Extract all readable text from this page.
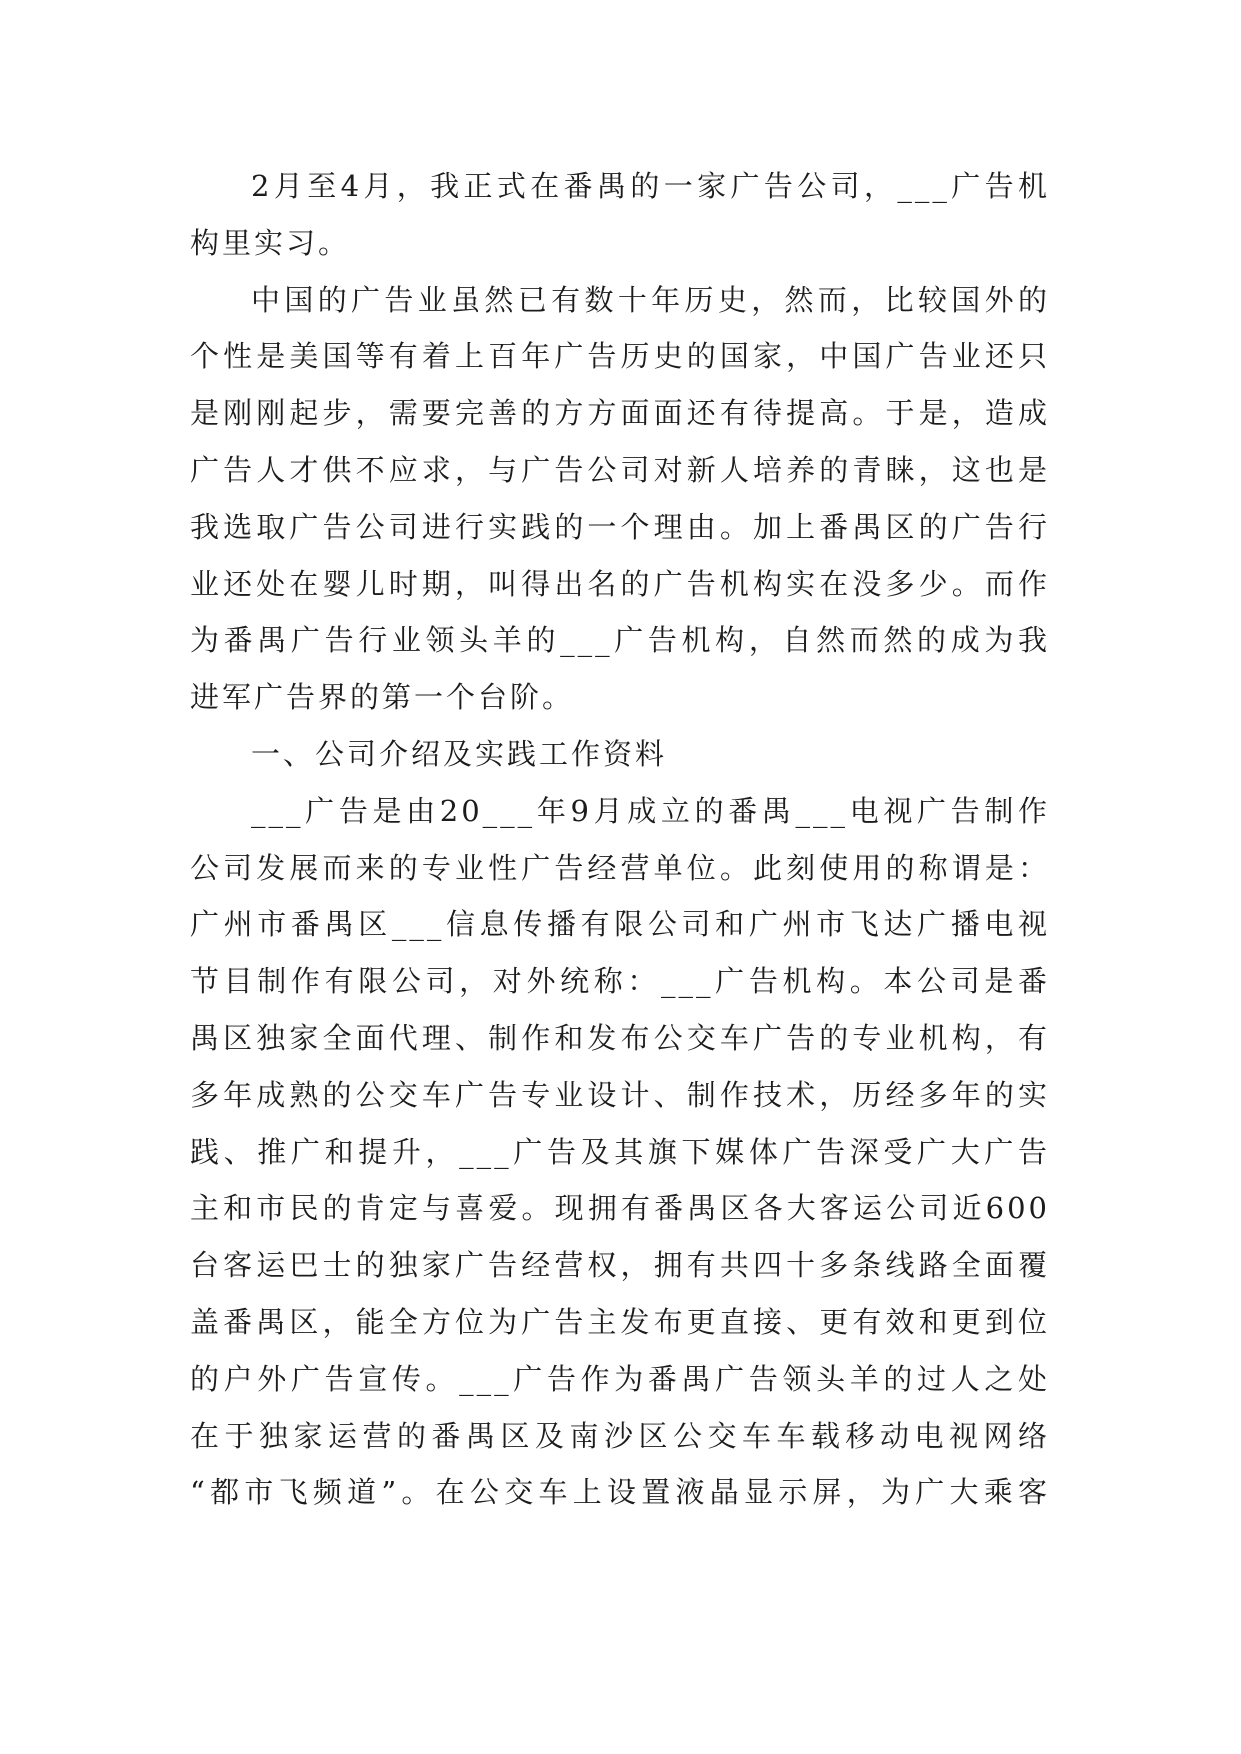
2月至4月，我正式在番禺的一家广告公司，___广告机
构里实习。
中国的广告业虽然已有数十年历史，然而，比较国外的
个性是美国等有着上百年广告历史的国家，中国广告业还只
是刚刚起步，需要完善的方方面面还有待提高。于是，造成
广告人才供不应求，与广告公司对新人培养的青睐，这也是
我选取广告公司进行实践的一个理由。加上番禺区的广告行
业还处在婴儿时期，叫得出名的广告机构实在没多少。而作
为番禺广告行业领头羊的___广告机构，自然而然的成为我
进军广告界的第一个台阶。
一、公司介绍及实践工作资料
___广告是由20___年9月成立的番禺___电视广告制作
公司发展而来的专业性广告经营单位。此刻使用的称谓是：
广州市番禺区___信息传播有限公司和广州市飞达广播电视
节目制作有限公司，对外统称：___广告机构。本公司是番
禺区独家全面代理、制作和发布公交车广告的专业机构，有
多年成熟的公交车广告专业设计、制作技术，历经多年的实
践、推广和提升，___广告及其旗下媒体广告深受广大广告
主和市民的肯定与喜爱。现拥有番禺区各大客运公司近600
台客运巴士的独家广告经营权，拥有共四十多条线路全面覆
盖番禺区，能全方位为广告主发布更直接、更有效和更到位
的户外广告宣传。___广告作为番禺广告领头羊的过人之处
在于独家运营的番禺区及南沙区公交车车载移动电视网络
“都市飞频道”。在公交车上设置液晶显示屏，为广大乘客
